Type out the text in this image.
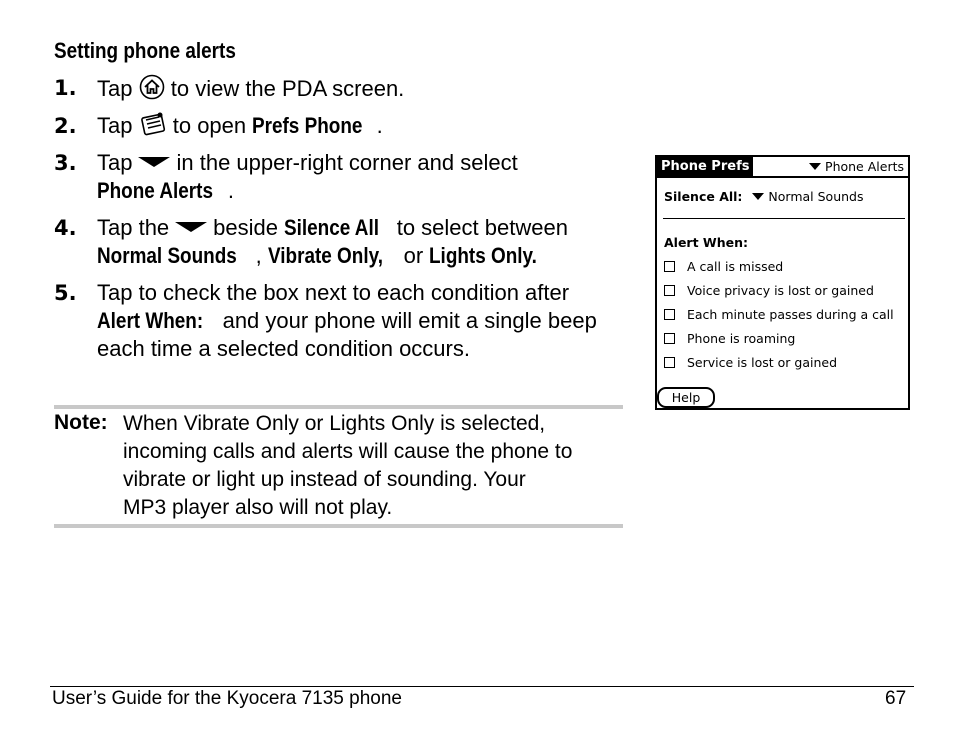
Setting phone alerts
1. Tap to view the PDA screen.
2. Tap to open Prefs Phone .
3. Tap in the upper-right corner and select
Phone Alerts .
4. Tap the beside Silence All to select between
Normal Sounds , Vibrate Only, or Lights Only.
5. Tap to check the box next to each condition after
Alert When: and your phone will emit a single beep
each time a selected condition occurs.
Note: When Vibrate Only or Lights Only is selected,
incoming calls and alerts will cause the phone to
vibrate or light up instead of sounding. Your
MP3 player also will not play.
Phone Prefs	Phone Alerts
Silence All: Normal Sounds
Alert When:
A call is missed
Voice privacy is lost or gained
Each minute passes during a call
Phone is roaming
Service is lost or gained
Help
User’s Guide for the Kyocera 7135 phone	67
